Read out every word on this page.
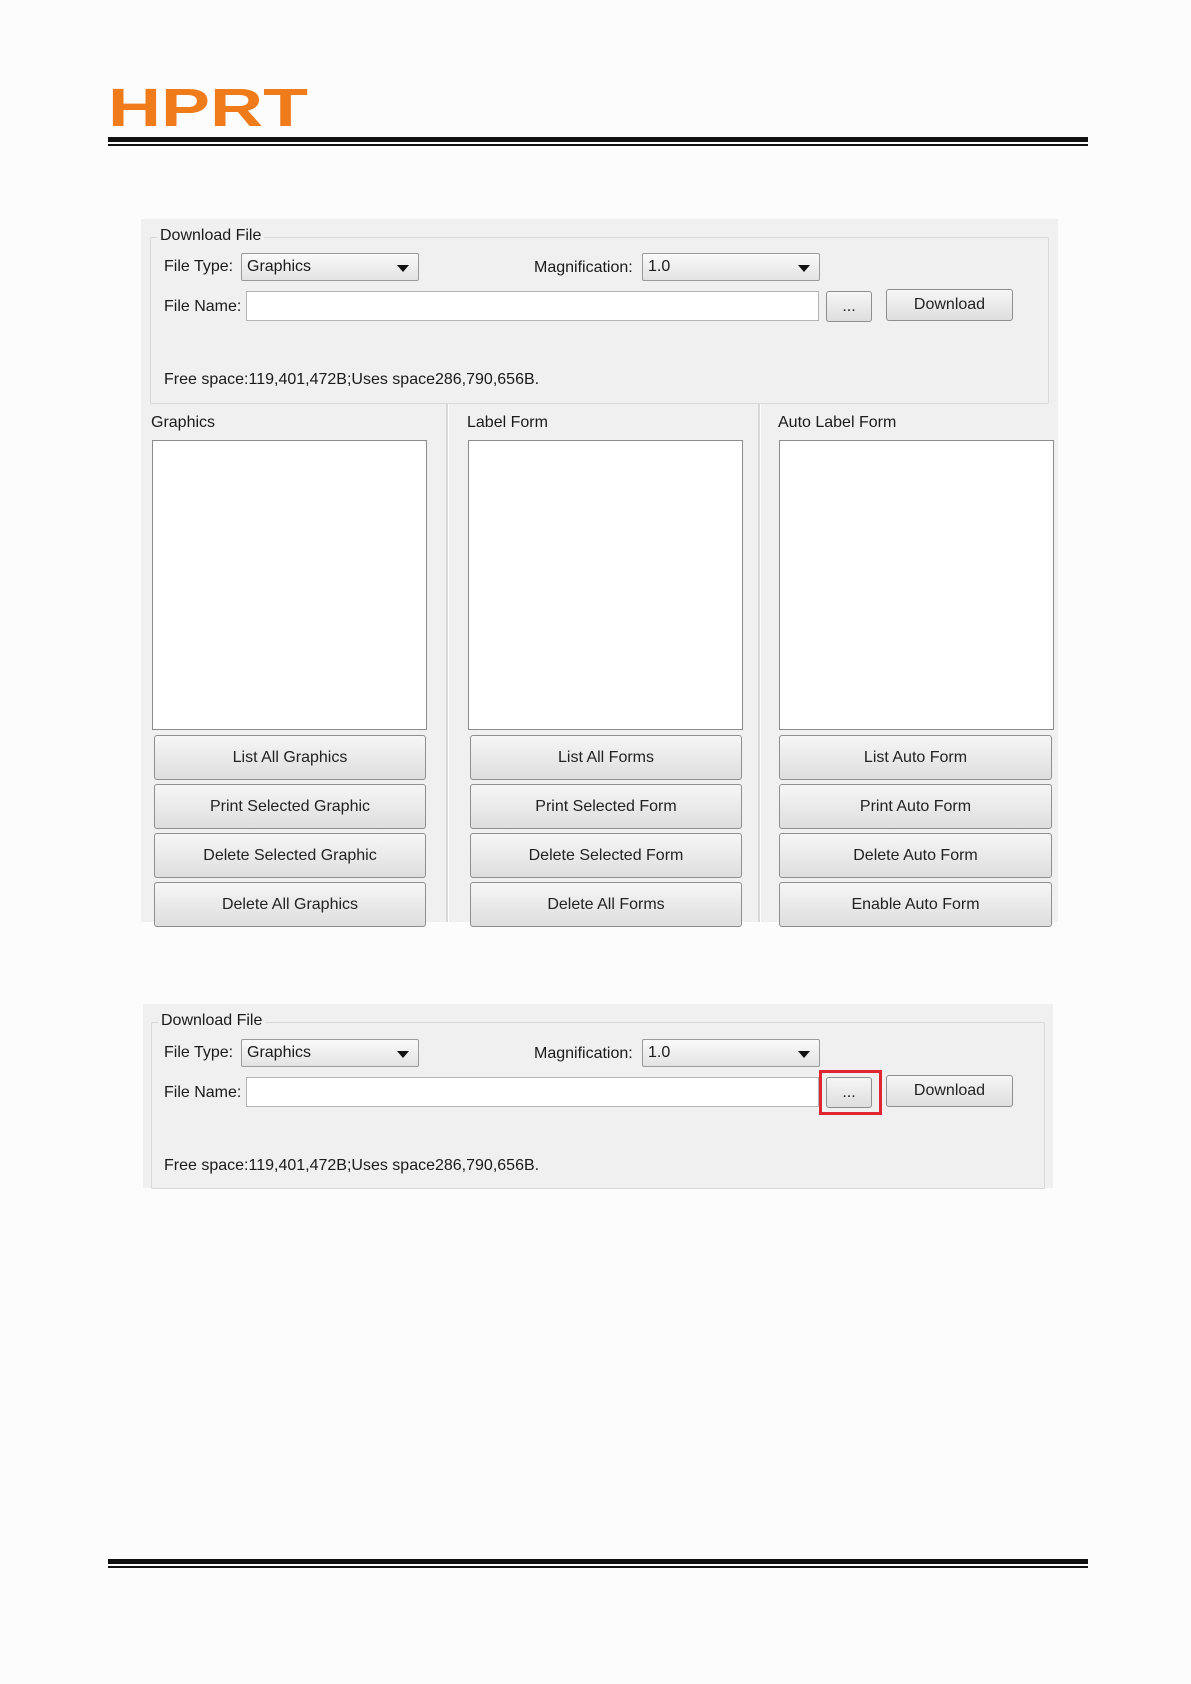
HPRT
Download File
File Type: Graphics	Magnification: 1.0
File Name:	...	Download
Free space:119,401,472B;Uses space286,790,656B.
Graphics
List All Graphics
Print Selected Graphic
Delete Selected Graphic
Delete All Graphics
Label Form
List All Forms
Print Selected Form
Delete Selected Form
Delete All Forms
Auto Label Form
List Auto Form
Print Auto Form
Delete Auto Form
Enable Auto Form
Download File
File Type: Graphics	Magnification: 1.0
File Name:	...	Download
Free space:119,401,472B;Uses space286,790,656B.
